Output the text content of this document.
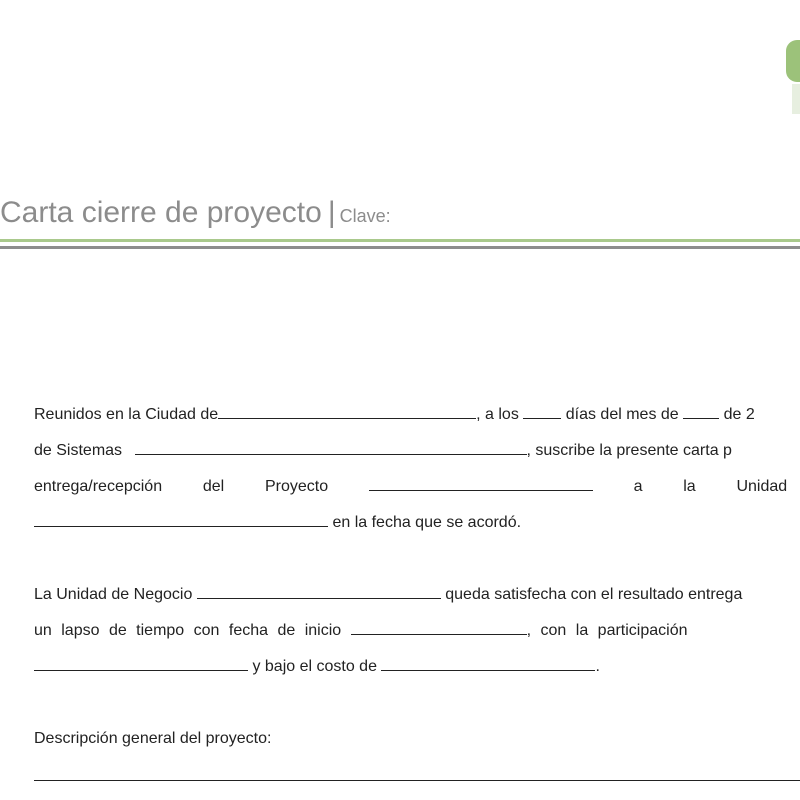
Carta cierre de proyecto | Clave:
Reunidos en la Ciudad de	, a los	días del mes de	de 2
de Sistemas	, suscribe la presente carta p
entrega/recepción	del	Proyecto	a	la	Unidad
en la fecha que se acordó.
La Unidad de Negocio	queda satisfecha con el resultado entrega
un lapso de tiempo con fecha de inicio	, con la participación
y bajo el costo de	.
Descripción general del proyecto:
